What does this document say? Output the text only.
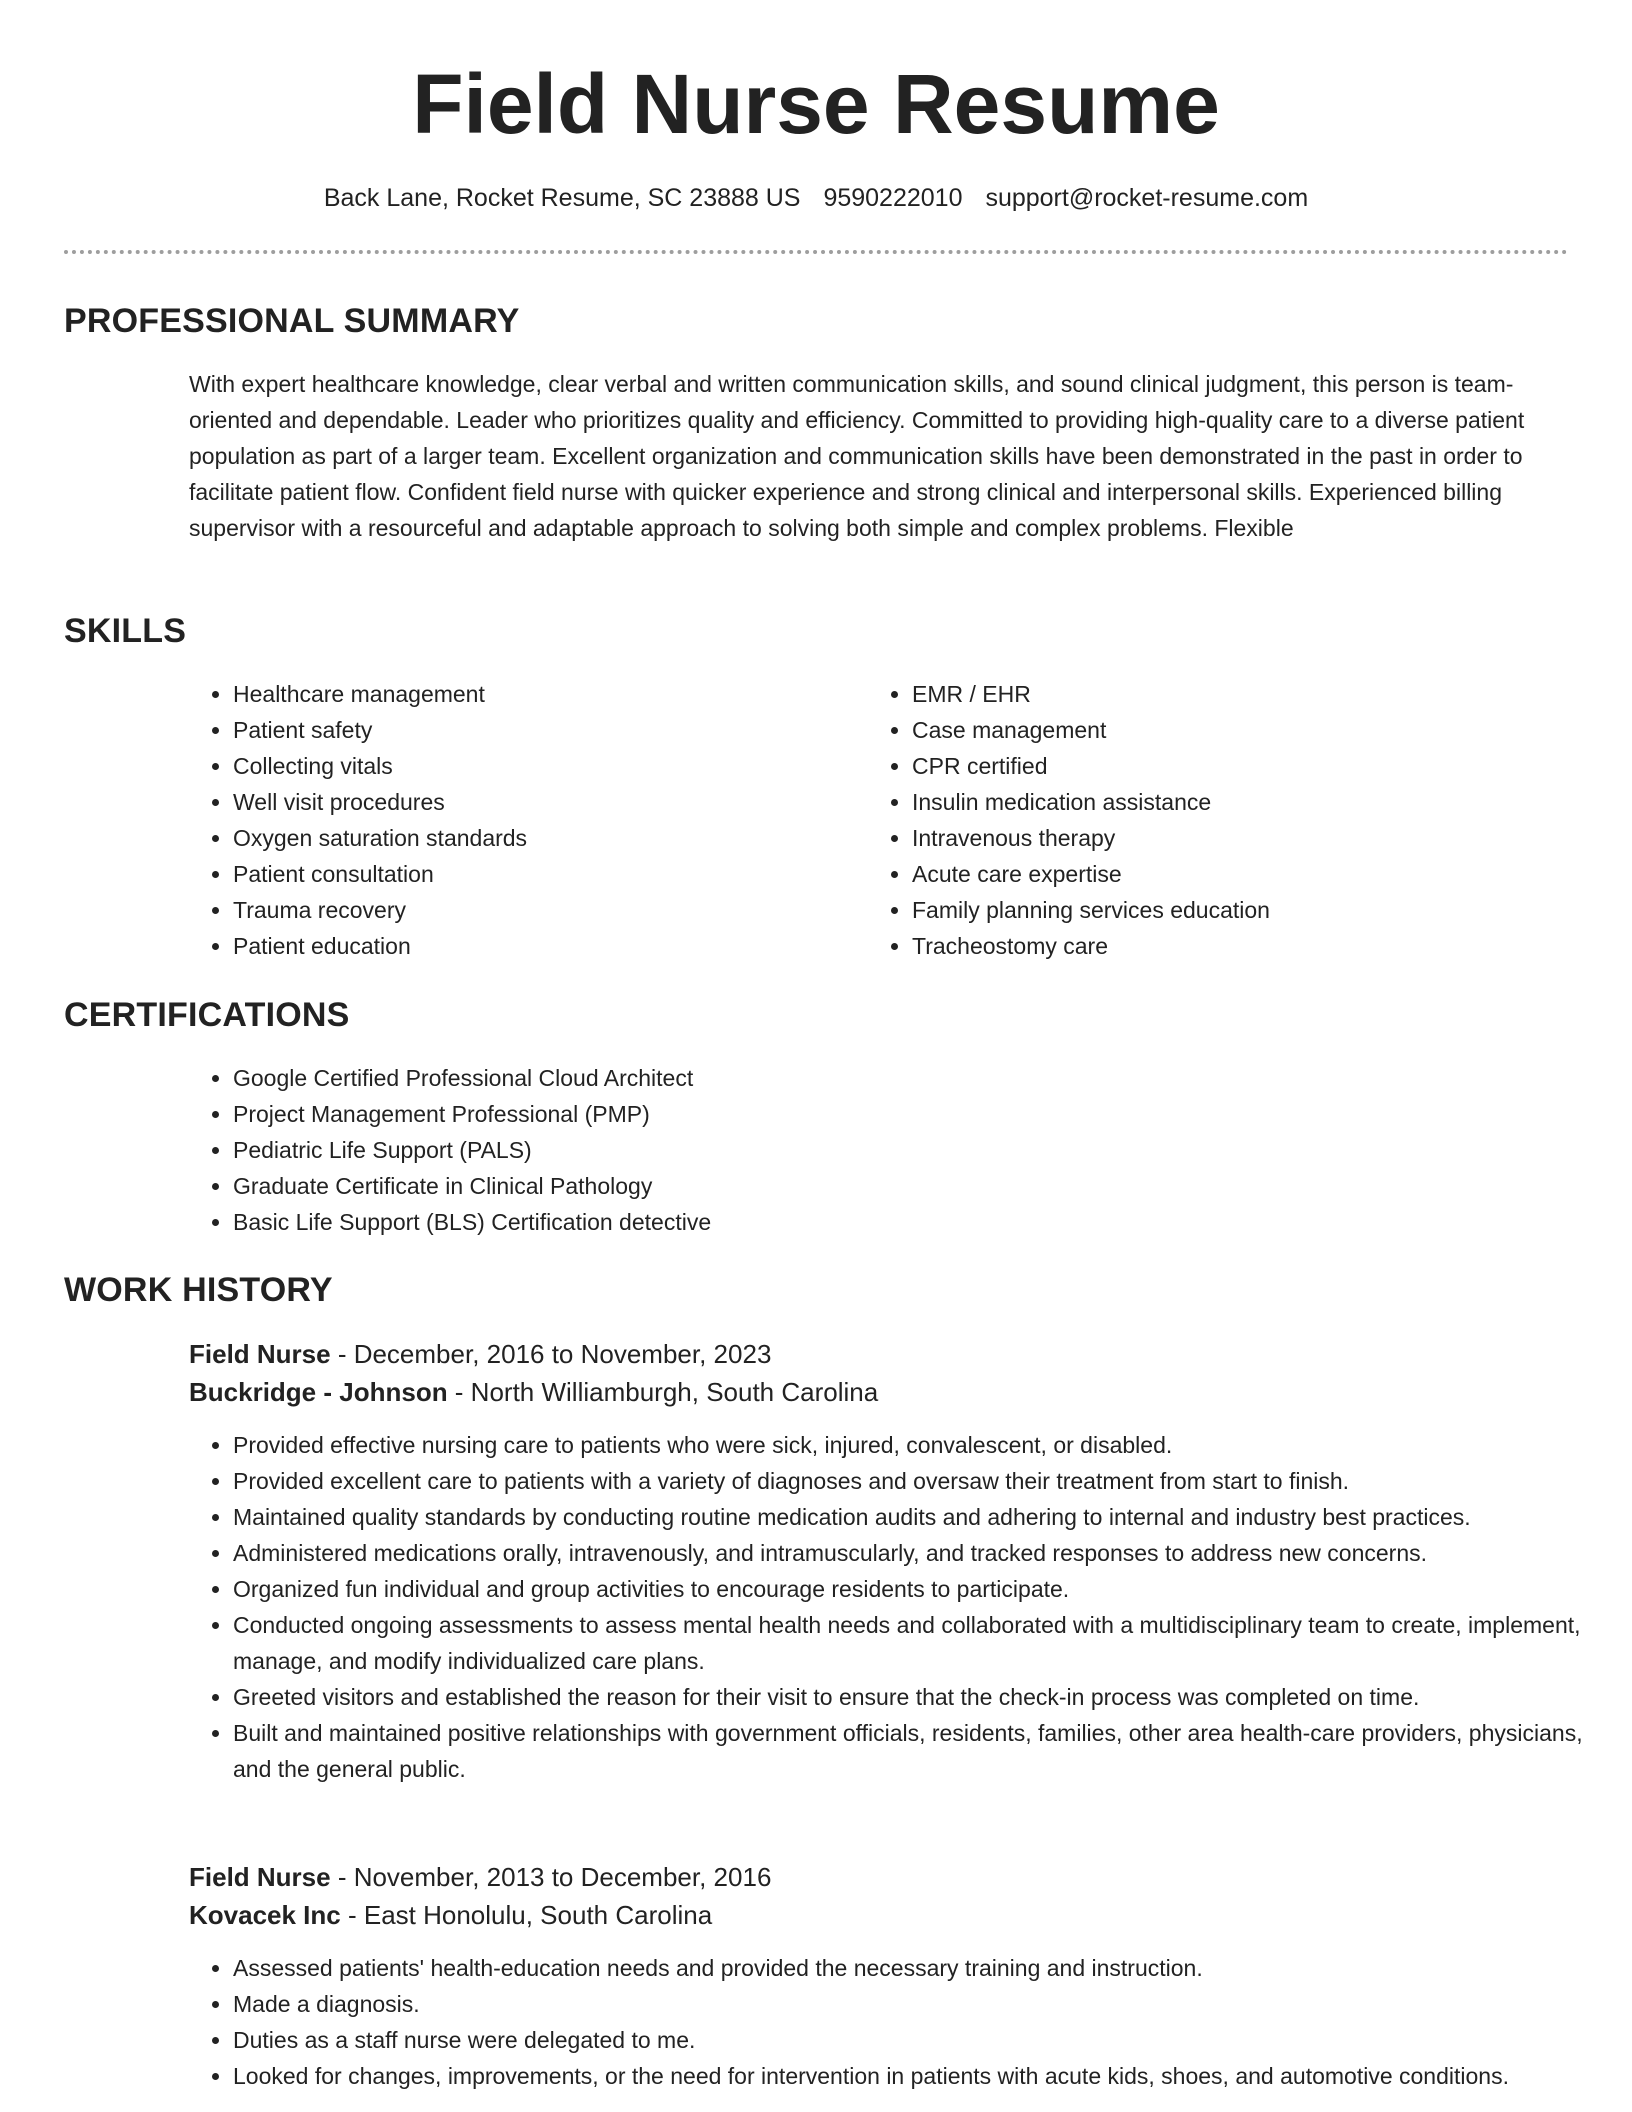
Field Nurse Resume
Back Lane, Rocket Resume, SC 23888 US 9590222010 support@rocket-resume.com
PROFESSIONAL SUMMARY
With expert healthcare knowledge, clear verbal and written communication skills, and sound clinical judgment, this person is team-oriented and dependable. Leader who prioritizes quality and efficiency. Committed to providing high-quality care to a diverse patient population as part of a larger team. Excellent organization and communication skills have been demonstrated in the past in order to facilitate patient flow. Confident field nurse with quicker experience and strong clinical and interpersonal skills. Experienced billing supervisor with a resourceful and adaptable approach to solving both simple and complex problems. Flexible
SKILLS
• Healthcare management
• Patient safety
• Collecting vitals
• Well visit procedures
• Oxygen saturation standards
• Patient consultation
• Trauma recovery
• Patient education
• EMR / EHR
• Case management
• CPR certified
• Insulin medication assistance
• Intravenous therapy
• Acute care expertise
• Family planning services education
• Tracheostomy care
CERTIFICATIONS
• Google Certified Professional Cloud Architect
• Project Management Professional (PMP)
• Pediatric Life Support (PALS)
• Graduate Certificate in Clinical Pathology
• Basic Life Support (BLS) Certification detective
WORK HISTORY
Field Nurse - December, 2016 to November, 2023
Buckridge - Johnson - North Williamburgh, South Carolina
• Provided effective nursing care to patients who were sick, injured, convalescent, or disabled.
• Provided excellent care to patients with a variety of diagnoses and oversaw their treatment from start to finish.
• Maintained quality standards by conducting routine medication audits and adhering to internal and industry best practices.
• Administered medications orally, intravenously, and intramuscularly, and tracked responses to address new concerns.
• Organized fun individual and group activities to encourage residents to participate.
• Conducted ongoing assessments to assess mental health needs and collaborated with a multidisciplinary team to create, implement, manage, and modify individualized care plans.
• Greeted visitors and established the reason for their visit to ensure that the check-in process was completed on time.
• Built and maintained positive relationships with government officials, residents, families, other area health-care providers, physicians, and the general public.
Field Nurse - November, 2013 to December, 2016
Kovacek Inc - East Honolulu, South Carolina
• Assessed patients' health-education needs and provided the necessary training and instruction.
• Made a diagnosis.
• Duties as a staff nurse were delegated to me.
• Looked for changes, improvements, or the need for intervention in patients with acute kids, shoes, and automotive conditions.
